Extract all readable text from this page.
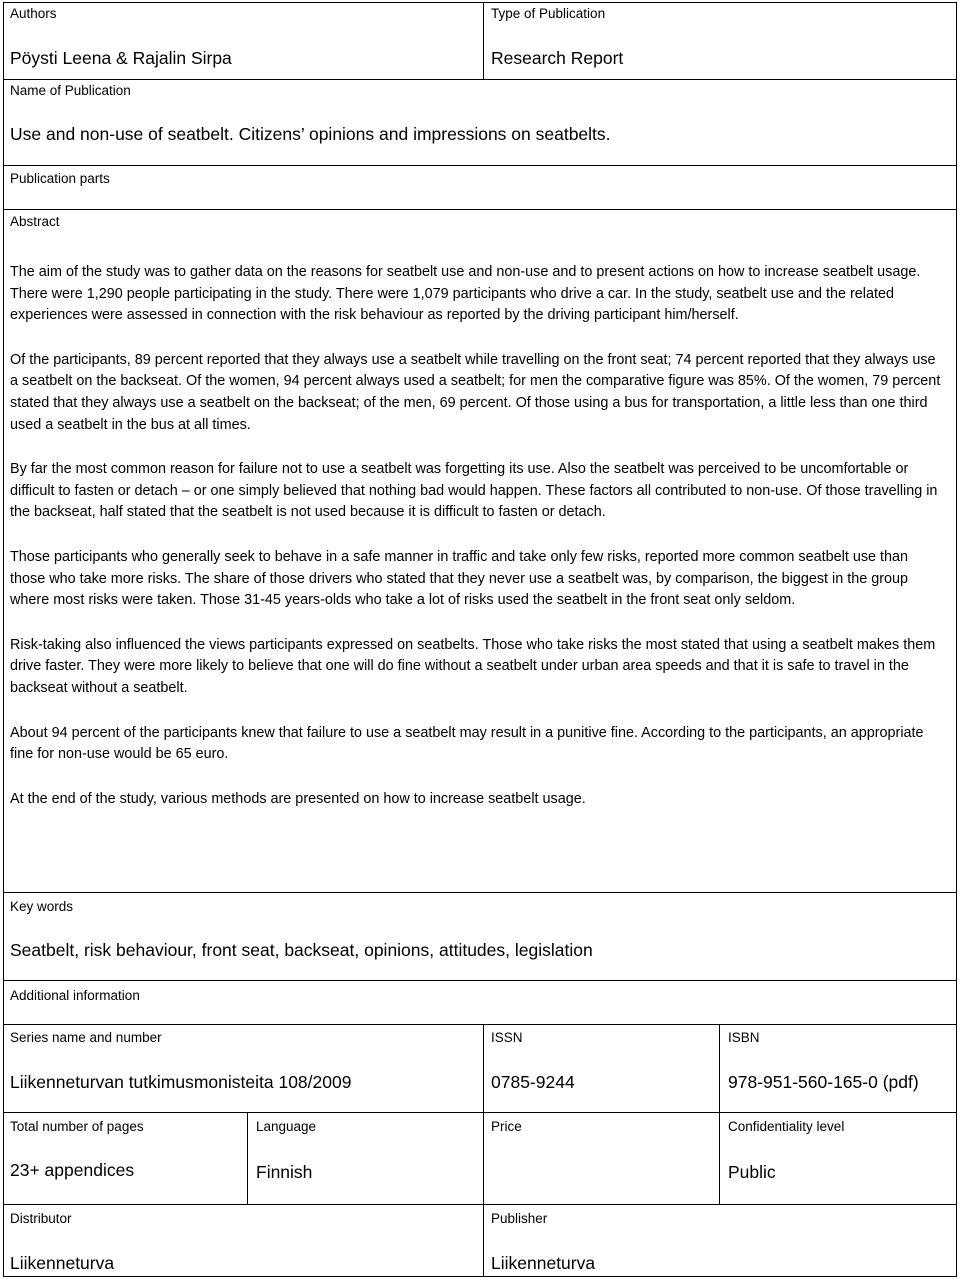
Authors
Pöysti Leena & Rajalin Sirpa
Type of Publication
Research Report
Name of Publication
Use and non-use of seatbelt. Citizens’ opinions and impressions on seatbelts.
Publication parts
Abstract

The aim of the study was to gather data on the reasons for seatbelt use and non-use and to present actions on how to increase seatbelt usage. There were 1,290 people participating in the study. There were 1,079 participants who drive a car. In the study, seatbelt use and the related experiences were assessed in connection with the risk behaviour as reported by the driving participant him/herself.

Of the participants, 89 percent reported that they always use a seatbelt while travelling on the front seat; 74 percent reported that they always use a seatbelt on the backseat. Of the women, 94 percent always used a seatbelt; for men the comparative figure was 85%. Of the women, 79 percent stated that they always use a seatbelt on the backseat; of the men, 69 percent. Of those using a bus for transportation, a little less than one third used a seatbelt in the bus at all times.

By far the most common reason for failure not to use a seatbelt was forgetting its use. Also the seatbelt was perceived to be uncomfortable or difficult to fasten or detach – or one simply believed that nothing bad would happen. These factors all contributed to non-use. Of those travelling in the backseat, half stated that the seatbelt is not used because it is difficult to fasten or detach.

Those participants who generally seek to behave in a safe manner in traffic and take only few risks, reported more common seatbelt use than those who take more risks. The share of those drivers who stated that they never use a seatbelt was, by comparison, the biggest in the group where most risks were taken. Those 31-45 years-olds who take a lot of risks used the seatbelt in the front seat only seldom.

Risk-taking also influenced the views participants expressed on seatbelts. Those who take risks the most stated that using a seatbelt makes them drive faster. They were more likely to believe that one will do fine without a seatbelt under urban area speeds and that it is safe to travel in the backseat without a seatbelt.

About 94 percent of the participants knew that failure to use a seatbelt may result in a punitive fine. According to the participants, an appropriate fine for non-use would be 65 euro.

At the end of the study, various methods are presented on how to increase seatbelt usage.

Key words
Seatbelt, risk behaviour, front seat, backseat, opinions, attitudes, legislation
Additional information
Series name and number
Liikenneturvan tutkimusmonisteita 108/2009
ISSN
0785-9244
ISBN
978-951-560-165-0 (pdf)
Total number of pages
23+ appendices
Language
Finnish
Price	Confidentiality level
Public
Distributor
Liikenneturva
Publisher
Liikenneturva
